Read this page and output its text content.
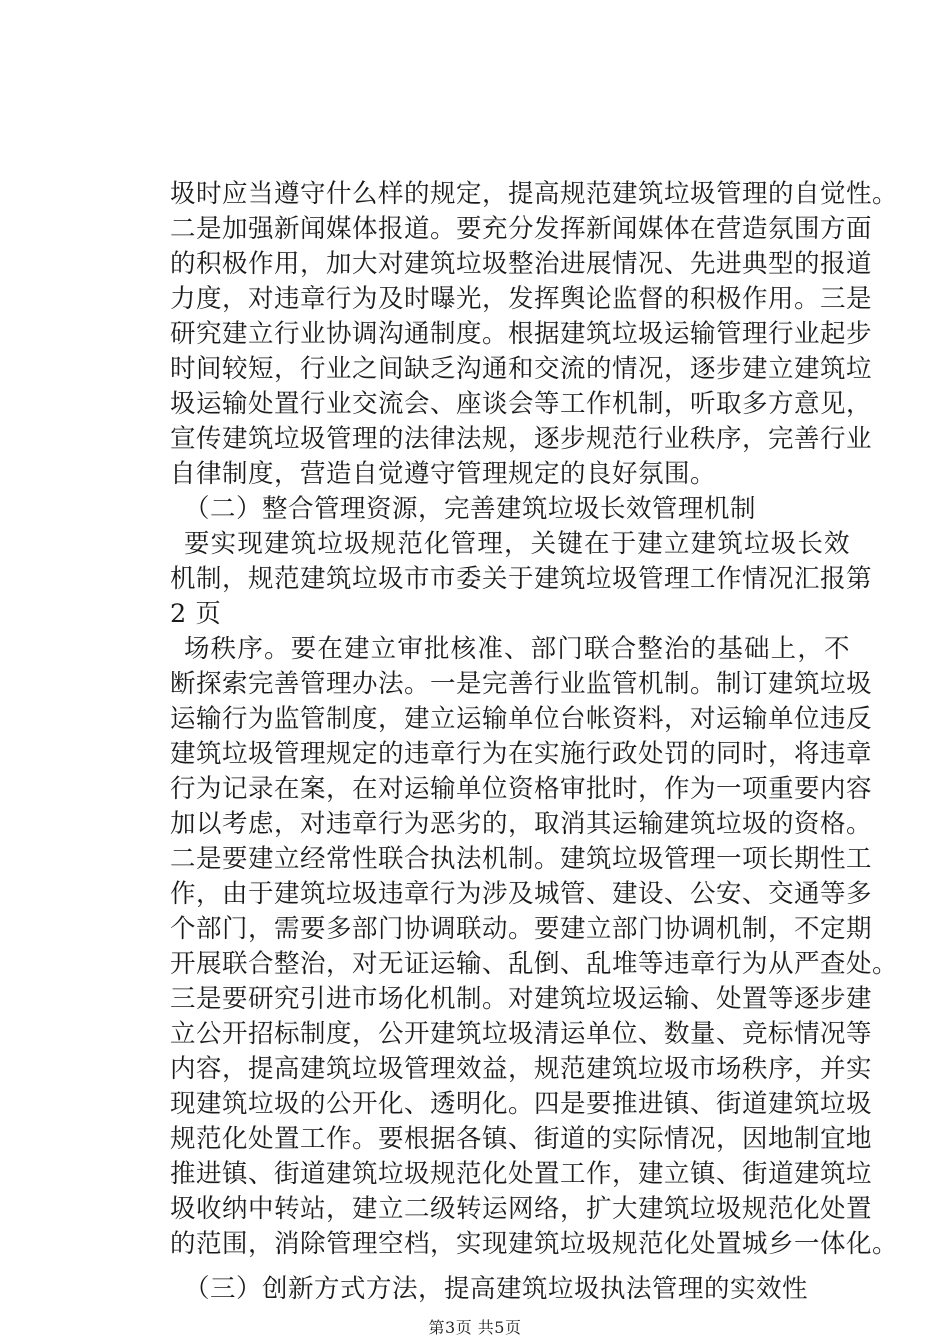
圾时应当遵守什么样的规定，提高规范建筑垃圾管理的自觉性。
二是加强新闻媒体报道。要充分发挥新闻媒体在营造氛围方面
的积极作用，加大对建筑垃圾整治进展情况、先进典型的报道
力度，对违章行为及时曝光，发挥舆论监督的积极作用。三是
研究建立行业协调沟通制度。根据建筑垃圾运输管理行业起步
时间较短，行业之间缺乏沟通和交流的情况，逐步建立建筑垃
圾运输处置行业交流会、座谈会等工作机制，听取多方意见，
宣传建筑垃圾管理的法律法规，逐步规范行业秩序，完善行业
自律制度，营造自觉遵守管理规定的良好氛围。
（二）整合管理资源，完善建筑垃圾长效管理机制
要实现建筑垃圾规范化管理，关键在于建立建筑垃圾长效
机制，规范建筑垃圾市市委关于建筑垃圾管理工作情况汇报第
2 页
场秩序。要在建立审批核准、部门联合整治的基础上，不
断探索完善管理办法。一是完善行业监管机制。制订建筑垃圾
运输行为监管制度，建立运输单位台帐资料，对运输单位违反
建筑垃圾管理规定的违章行为在实施行政处罚的同时，将违章
行为记录在案，在对运输单位资格审批时，作为一项重要内容
加以考虑，对违章行为恶劣的，取消其运输建筑垃圾的资格。
二是要建立经常性联合执法机制。建筑垃圾管理一项长期性工
作，由于建筑垃圾违章行为涉及城管、建设、公安、交通等多
个部门，需要多部门协调联动。要建立部门协调机制，不定期
开展联合整治，对无证运输、乱倒、乱堆等违章行为从严查处。
三是要研究引进市场化机制。对建筑垃圾运输、处置等逐步建
立公开招标制度，公开建筑垃圾清运单位、数量、竞标情况等
内容，提高建筑垃圾管理效益，规范建筑垃圾市场秩序，并实
现建筑垃圾的公开化、透明化。四是要推进镇、街道建筑垃圾
规范化处置工作。要根据各镇、街道的实际情况，因地制宜地
推进镇、街道建筑垃圾规范化处置工作，建立镇、街道建筑垃
圾收纳中转站，建立二级转运网络，扩大建筑垃圾规范化处置
的范围，消除管理空档，实现建筑垃圾规范化处置城乡一体化。
（三）创新方式方法，提高建筑垃圾执法管理的实效性
第3页 共5页
